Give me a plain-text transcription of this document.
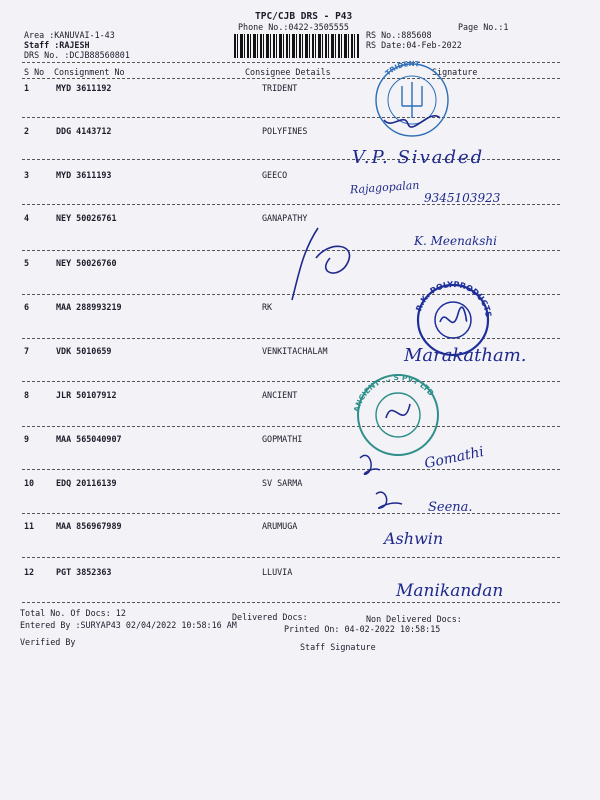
TPC/CJB DRS - P43
Phone No.:0422-3505555	Page No.:1
Area :KANUVAI-1-43
Staff :RAJESH
DRS No. :DCJB88560801
RS No.:885608
RS Date:04-Feb-2022
S No Consignment No	Consignee Details	Signature
1	MYD 3611192	TRIDENT
2	DDG 4143712	POLYFINES
3	MYD 3611193	GEECO
4	NEY 50026761	GANAPATHY
5	NEY 50026760
6	MAA 288993219	RK
7	VDK 5010659	VENKITACHALAM
8	JLR 50107912	ANCIENT
9	MAA 565040907	GOPMATHI
10	EDQ 20116139	SV SARMA
11	MAA 856967989	ARUMUGA
12	PGT 3852363	LLUVIA
Total No. Of Docs: 12	Delivered Docs:	Non Delivered Docs:
Entered By :SURYAP43 02/04/2022 10:58:16 AM	Printed On: 04-02-2022 10:58:15
Verified By	Staff Signature
TRIDENT
R.K. POLYPRODUCTS
ANCIENT ... S PVT LTD
V.P. Sivaded
Rajagopalan
9345103923
K. Meenakshi
Marakatham.
Gomathi
Seena.
Ashwin
Manikandan
